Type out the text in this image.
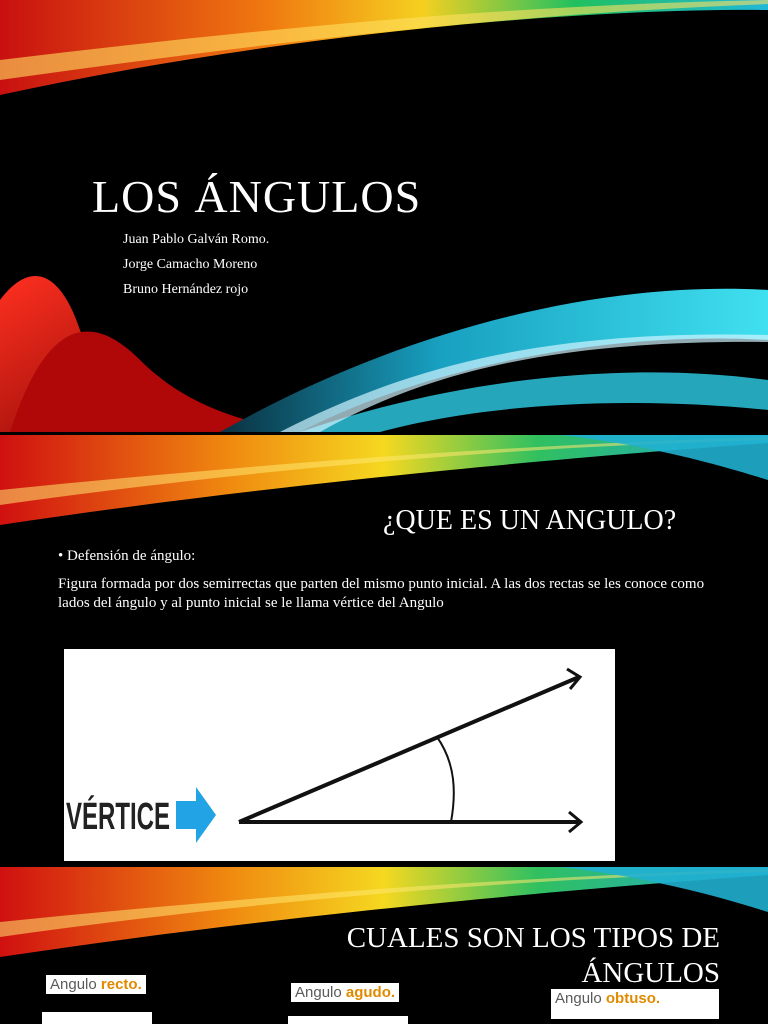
LOS ÁNGULOS
Juan Pablo Galván Romo.
Jorge Camacho Moreno
Bruno Hernández rojo
¿QUE ES UN ANGULO?
• Defensión de ángulo:
Figura formada por dos semirrectas que parten del mismo punto inicial. A las dos rectas se les conoce como lados del ángulo y al punto inicial se le llama vértice del Angulo
VÉRTICE
CUALES SON LOS TIPOS DE ÁNGULOS
Angulo recto.	Angulo agudo.	Angulo obtuso.
